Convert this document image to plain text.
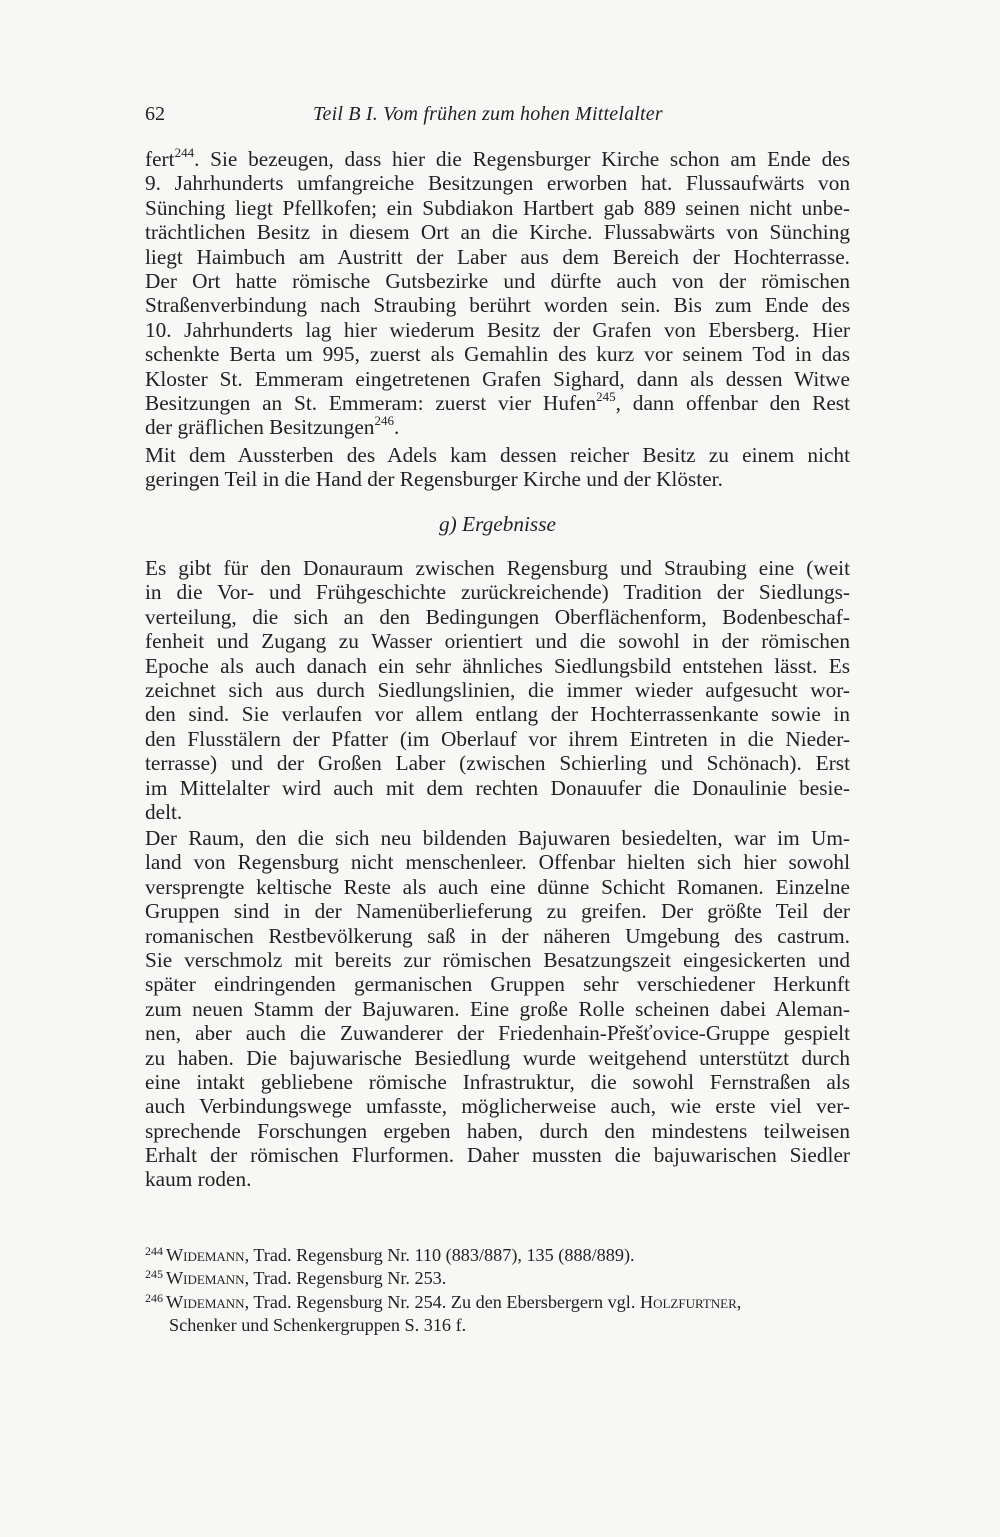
62	Teil B I. Vom frühen zum hohen Mittelalter
fert$^{244}$. Sie bezeugen, dass hier die Regensburger Kirche schon am Ende des
9. Jahrhunderts umfangreiche Besitzungen erworben hat. Flussaufwärts von
Sünching liegt Pfellkofen; ein Subdiakon Hartbert gab 889 seinen nicht unbe-
trächtlichen Besitz in diesem Ort an die Kirche. Flussabwärts von Sünching
liegt Haimbuch am Austritt der Laber aus dem Bereich der Hochterrasse.
Der Ort hatte römische Gutsbezirke und dürfte auch von der römischen
Straßenverbindung nach Straubing berührt worden sein. Bis zum Ende des
10. Jahrhunderts lag hier wiederum Besitz der Grafen von Ebersberg. Hier
schenkte Berta um 995, zuerst als Gemahlin des kurz vor seinem Tod in das
Kloster St. Emmeram eingetretenen Grafen Sighard, dann als dessen Witwe
Besitzungen an St. Emmeram: zuerst vier Hufen$^{245}$, dann offenbar den Rest
der gräflichen Besitzungen$^{246}$.
Mit dem Aussterben des Adels kam dessen reicher Besitz zu einem nicht
geringen Teil in die Hand der Regensburger Kirche und der Klöster.
g) Ergebnisse
Es gibt für den Donauraum zwischen Regensburg und Straubing eine (weit
in die Vor- und Frühgeschichte zurückreichende) Tradition der Siedlungs-
verteilung, die sich an den Bedingungen Oberflächenform, Bodenbeschaf-
fenheit und Zugang zu Wasser orientiert und die sowohl in der römischen
Epoche als auch danach ein sehr ähnliches Siedlungsbild entstehen lässt. Es
zeichnet sich aus durch Siedlungslinien, die immer wieder aufgesucht wor-
den sind. Sie verlaufen vor allem entlang der Hochterrassenkante sowie in
den Flusstälern der Pfatter (im Oberlauf vor ihrem Eintreten in die Nieder-
terrasse) und der Großen Laber (zwischen Schierling und Schönach). Erst
im Mittelalter wird auch mit dem rechten Donauufer die Donaulinie besie-
delt.
Der Raum, den die sich neu bildenden Bajuwaren besiedelten, war im Um-
land von Regensburg nicht menschenleer. Offenbar hielten sich hier sowohl
versprengte keltische Reste als auch eine dünne Schicht Romanen. Einzelne
Gruppen sind in der Namenüberlieferung zu greifen. Der größte Teil der
romanischen Restbevölkerung saß in der näheren Umgebung des castrum.
Sie verschmolz mit bereits zur römischen Besatzungszeit eingesickerten und
später eindringenden germanischen Gruppen sehr verschiedener Herkunft
zum neuen Stamm der Bajuwaren. Eine große Rolle scheinen dabei Aleman-
nen, aber auch die Zuwanderer der Friedenhain-Přešťovice-Gruppe gespielt
zu haben. Die bajuwarische Besiedlung wurde weitgehend unterstützt durch
eine intakt gebliebene römische Infrastruktur, die sowohl Fernstraßen als
auch Verbindungswege umfasste, möglicherweise auch, wie erste viel ver-
sprechende Forschungen ergeben haben, durch den mindestens teilweisen
Erhalt der römischen Flurformen. Daher mussten die bajuwarischen Siedler
kaum roden.
$^{244}$ Widemann, Trad. Regensburg Nr. 110 (883/887), 135 (888/889).
$^{245}$ Widemann, Trad. Regensburg Nr. 253.
$^{246}$ Widemann, Trad. Regensburg Nr. 254. Zu den Ebersbergern vgl. Holzfurtner,
Schenker und Schenkergruppen S. 316 f.
